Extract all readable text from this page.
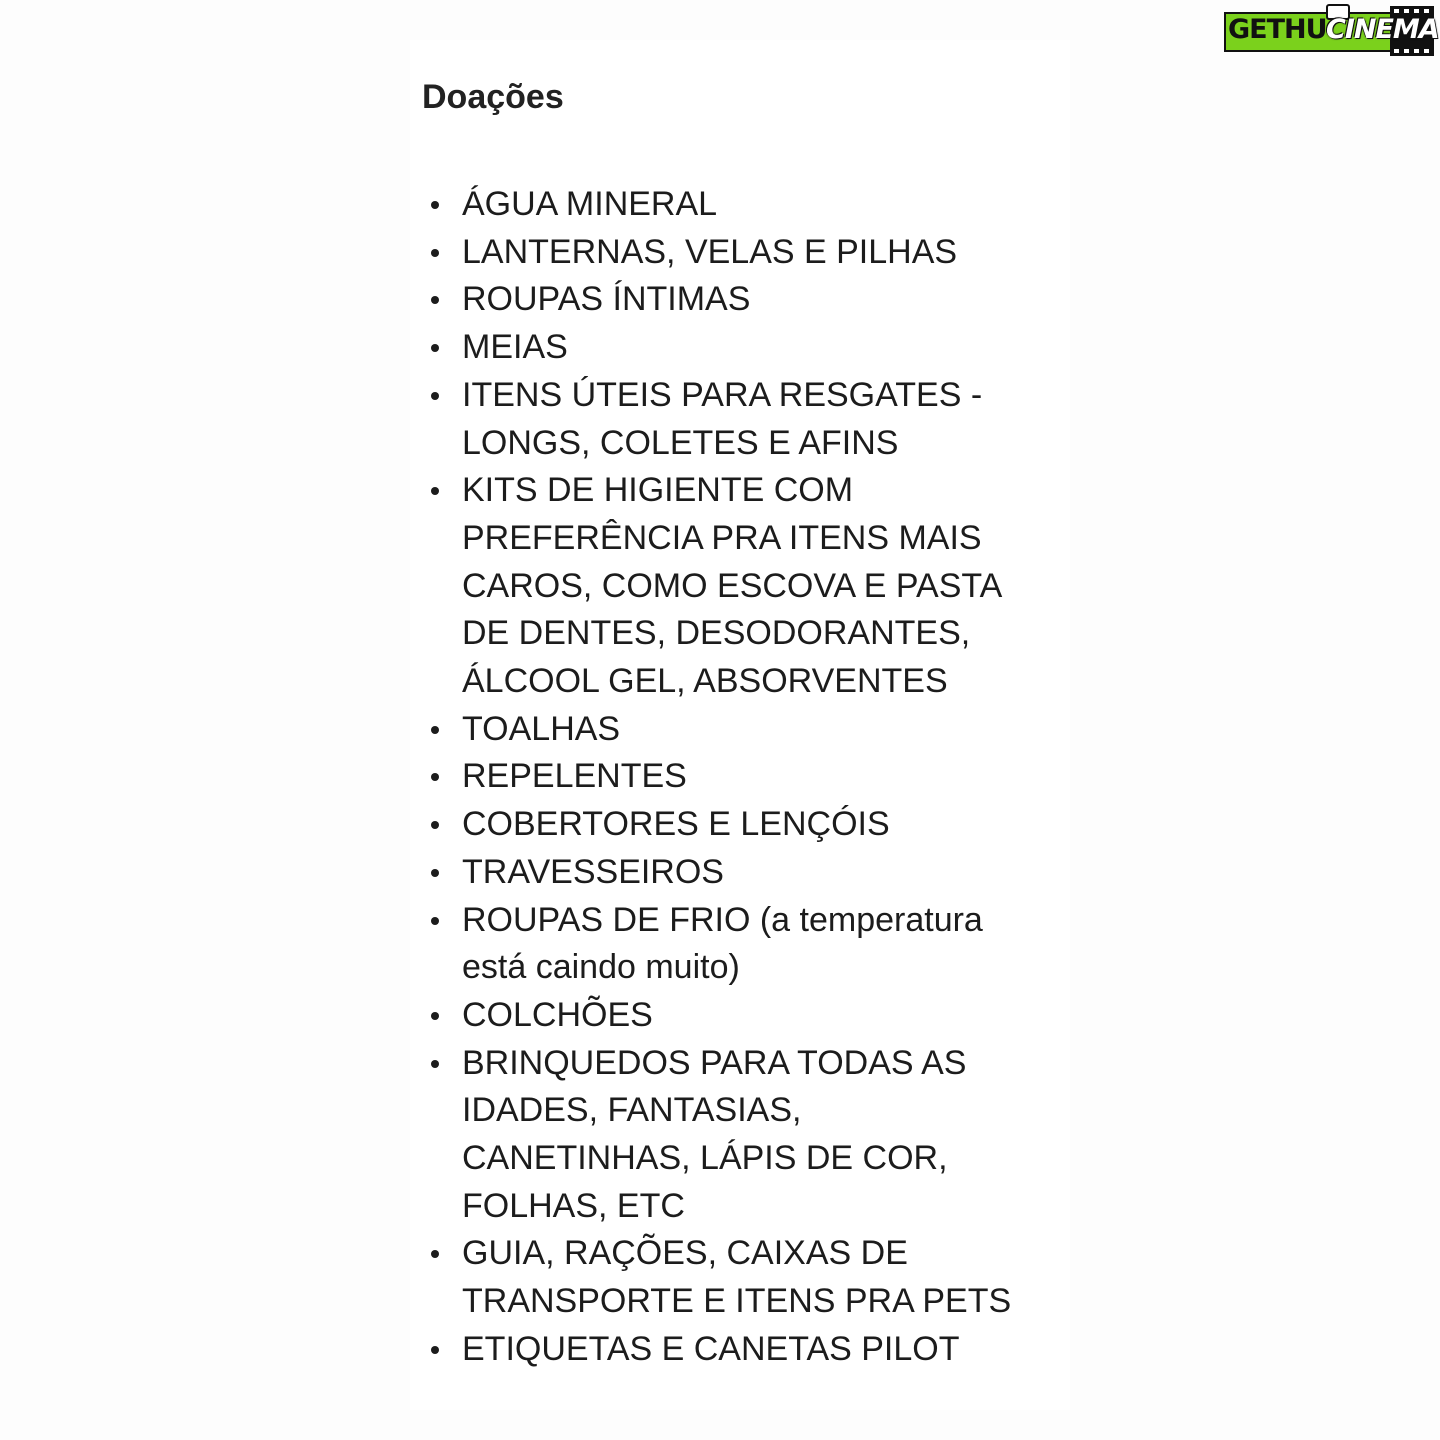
GETHU CINEMA
Doações
ÁGUA MINERAL
LANTERNAS, VELAS E PILHAS
ROUPAS ÍNTIMAS
MEIAS
ITENS ÚTEIS PARA RESGATES -
LONGS, COLETES E AFINS
KITS DE HIGIENTE COM
PREFERÊNCIA PRA ITENS MAIS
CAROS, COMO ESCOVA E PASTA
DE DENTES, DESODORANTES,
ÁLCOOL GEL, ABSORVENTES
TOALHAS
REPELENTES
COBERTORES E LENÇÓIS
TRAVESSEIROS
ROUPAS DE FRIO (a temperatura
está caindo muito)
COLCHÕES
BRINQUEDOS PARA TODAS AS
IDADES, FANTASIAS,
CANETINHAS, LÁPIS DE COR,
FOLHAS, ETC
GUIA, RAÇÕES, CAIXAS DE
TRANSPORTE E ITENS PRA PETS
ETIQUETAS E CANETAS PILOT
